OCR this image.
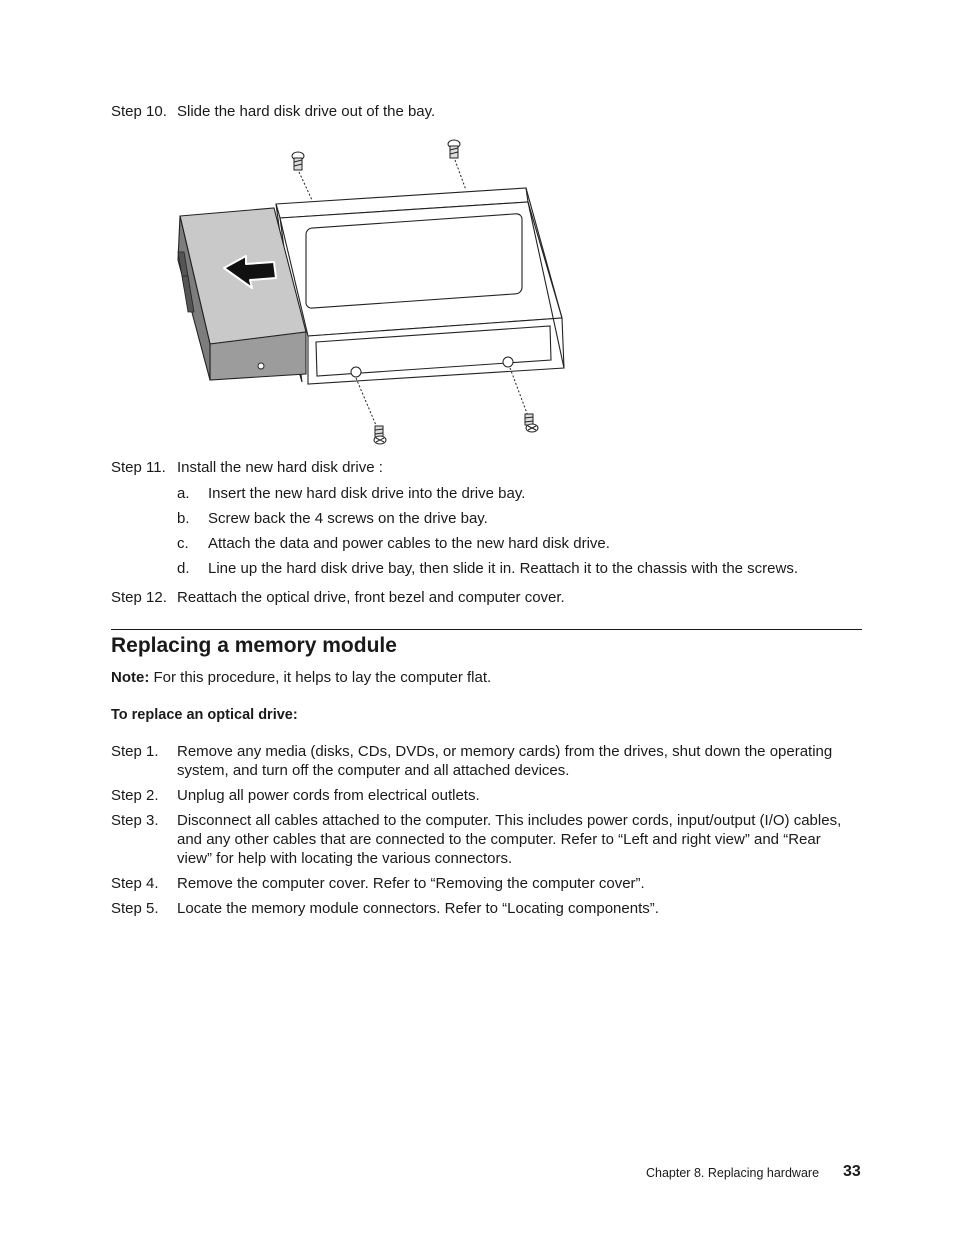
Step 10. Slide the hard disk drive out of the bay.
Step 11. Install the new hard disk drive :
a. Insert the new hard disk drive into the drive bay.
b. Screw back the 4 screws on the drive bay.
c. Attach the data and power cables to the new hard disk drive.
d. Line up the hard disk drive bay, then slide it in. Reattach it to the chassis with the screws.
Step 12. Reattach the optical drive, front bezel and computer cover.
Replacing a memory module
Note: For this procedure, it helps to lay the computer flat.
To replace an optical drive:
Step 1. Remove any media (disks, CDs, DVDs, or memory cards) from the drives, shut down the operating system, and turn off the computer and all attached devices.
Step 2. Unplug all power cords from electrical outlets.
Step 3. Disconnect all cables attached to the computer. This includes power cords, input/output (I/O) cables, and any other cables that are connected to the computer. Refer to “Left and right view” and “Rear view” for help with locating the various connectors.
Step 4. Remove the computer cover. Refer to “Removing the computer cover”.
Step 5. Locate the memory module connectors. Refer to “Locating components”.
Chapter 8. Replacing hardware 33
